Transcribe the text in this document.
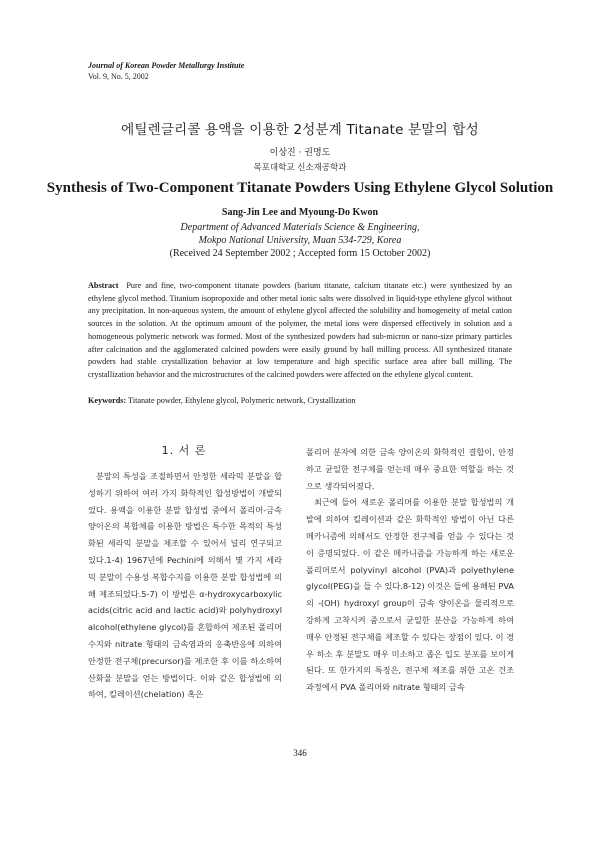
Journal of Korean Powder Metallurgy Institute
Vol. 9, No. 5, 2002
에틸렌글리콜 용액을 이용한 2성분계 Titanate 분말의 합성
이상진 · 권명도
목포대학교 신소재공학과
Synthesis of Two-Component Titanate Powders Using Ethylene Glycol Solution
Sang-Jin Lee and Myoung-Do Kwon
Department of Advanced Materials Science & Engineering,
Mokpo National University, Muan 534-729, Korea
(Received 24 September 2002 ; Accepted form 15 October 2002)
Abstract Pure and fine, two-component titanate powders (barium titanate, calcium titanate etc.) were synthesized by an ethylene glycol method. Titanium isopropoxide and other metal ionic salts were dissolved in liquid-type ethylene glycol without any precipitation. In non-aqueous system, the amount of ethylene glycol affected the solubility and homogeneity of metal cation sources in the solution. At the optimum amount of the polymer, the metal ions were dispersed effectively in solution and a homogeneous polymeric network was formed. Most of the synthesized powders had sub-micron or nano-size primary particles after calcination and the agglomerated calcined powders were easily ground by ball milling process. All synthesized titanate powders had stable crystallization behavior at low temperature and high specific surface area after ball milling. The crystallization behavior and the microstructures of the calcined powders were affected on the ethylene glycol content.
Keywords: Titanate powder, Ethylene glycol, Polymeric network, Crystallization
1. 서 론

분말의 특성을 조절하면서 안정한 세라믹 분말을 합성하기 위하여 여러 가지 화학적인 합성방법이 개발되었다. 용액을 이용한 분말 합성법 중에서 폴리머-금속 양이온의 복합체를 이용한 방법은 특수한 목적의 특성화된 세라믹 분말을 제조할 수 있어서 널리 연구되고 있다.1-4) 1967년에 Pechini에 의해서 몇 가지 세라믹 분말이 수용성 복합수지를 이용한 분말 합성법에 의해 제조되었다.5-7) 이 방법은 α-hydroxycarboxylic acids(citric acid and lactic acid)와 polyhydroxyl alcohol(ethylene glycol)를 혼합하여 제조된 폴리머 수지와 nitrate 형태의 금속염과의 응축반응에 의하여 안정한 전구체(precursor)를 제조한 후 이를 하소하여 산화물 분말을 얻는 방법이다. 이와 같은 합성법에 의하여, 킬레이션(chelation) 혹은

폴리머 분자에 의한 금속 양이온의 화학적인 결합이, 안정하고 균일한 전구체를 얻는데 매우 중요한 역할을 하는 것으로 생각되어졌다.

최근에 들어 새로운 폴리머를 이용한 분말 합성법의 개발에 의하여 킬레이션과 같은 화학적인 방법이 아닌 다른 메카니즘에 의해서도 안정한 전구체를 얻을 수 있다는 것이 증명되었다. 이 같은 메카니즘을 가능하게 하는 새로운 폴리머로서 polyvinyl alcohol (PVA)과 polyethylene glycol(PEG)을 들 수 있다.8-12) 이것은 들에 용해된 PVA의 -(OH) hydroxyl group이 금속 양이온을 물리적으로 강하게 고착시켜 줌으로서 균일한 분산을 가능하게 하여 매우 안정된 전구체를 제조할 수 있다는 장점이 있다. 이 경우 하소 후 분말도 매우 미소하고 좁은 입도 분포를 보이게 된다. 또 한가지의 특징은, 전구체 제조를 위한 고온 건조 과정에서 PVA 폴리머와 nitrate 형태의 금속

346
